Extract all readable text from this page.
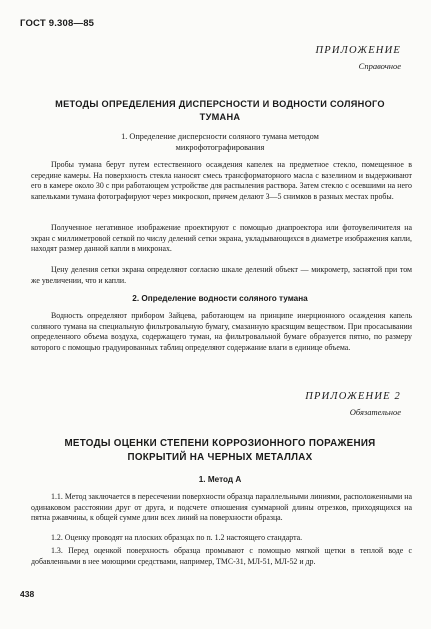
ГОСТ 9.308—85
ПРИЛОЖЕНИЕ
Справочное
МЕТОДЫ ОПРЕДЕЛЕНИЯ ДИСПЕРСНОСТИ И ВОДНОСТИ СОЛЯНОГО ТУМАНА
1. Определение дисперсности соляного тумана методом микрофотографирования

Пробы тумана берут путем естественного осаждения капелек на предметное стекло, помещенное в середине камеры. На поверхность стекла наносят смесь трансформаторного масла с вазелином и выдерживают его в камере около 30 с при работающем устройстве для распыления раствора. Затем стекло с осевшими на него капельками тумана фотографируют через микроскоп, причем делают 3—5 снимков в разных местах пробы.

Полученное негативное изображение проектируют с помощью диапроектора или фотоувеличителя на экран с миллиметровой сеткой по числу делений сетки экрана, укладывающихся в диаметре изображения капли, находят размер данной капли в микронах.

Цену деления сетки экрана определяют согласно шкале делений объект — микрометр, заснятой при том же увеличении, что и капли.

2. Определение водности соляного тумана

Водность определяют прибором Зайцева, работающем на принципе инерционного осаждения капель соляного тумана на специальную фильтровальную бумагу, смазанную красящим веществом. При просасывании определенного объема воздуха, содержащего туман, на фильтровальной бумаге образуется пятно, по размеру которого с помощью градуированных таблиц определяют содержание влаги в единице объема.

ПРИЛОЖЕНИЕ 2
Обязательное
МЕТОДЫ ОЦЕНКИ СТЕПЕНИ КОРРОЗИОННОГО ПОРАЖЕНИЯ ПОКРЫТИЙ НА ЧЕРНЫХ МЕТАЛЛАХ
1. Метод А

1.1. Метод заключается в пересечении поверхности образца параллельными линиями, расположенными на одинаковом расстоянии друг от друга, и подсчете отношения суммарной длины отрезков, приходящихся на пятна ржавчины, к общей сумме длин всех линий на поверхности образца.

1.2. Оценку проводят на плоских образцах по п. 1.2 настоящего стандарта.

1.3. Перед оценкой поверхность образца промывают с помощью мягкой щетки в теплой воде с добавленными в нее моющими средствами, например, ТМС-31, МЛ-51, МЛ-52 и др.

438
